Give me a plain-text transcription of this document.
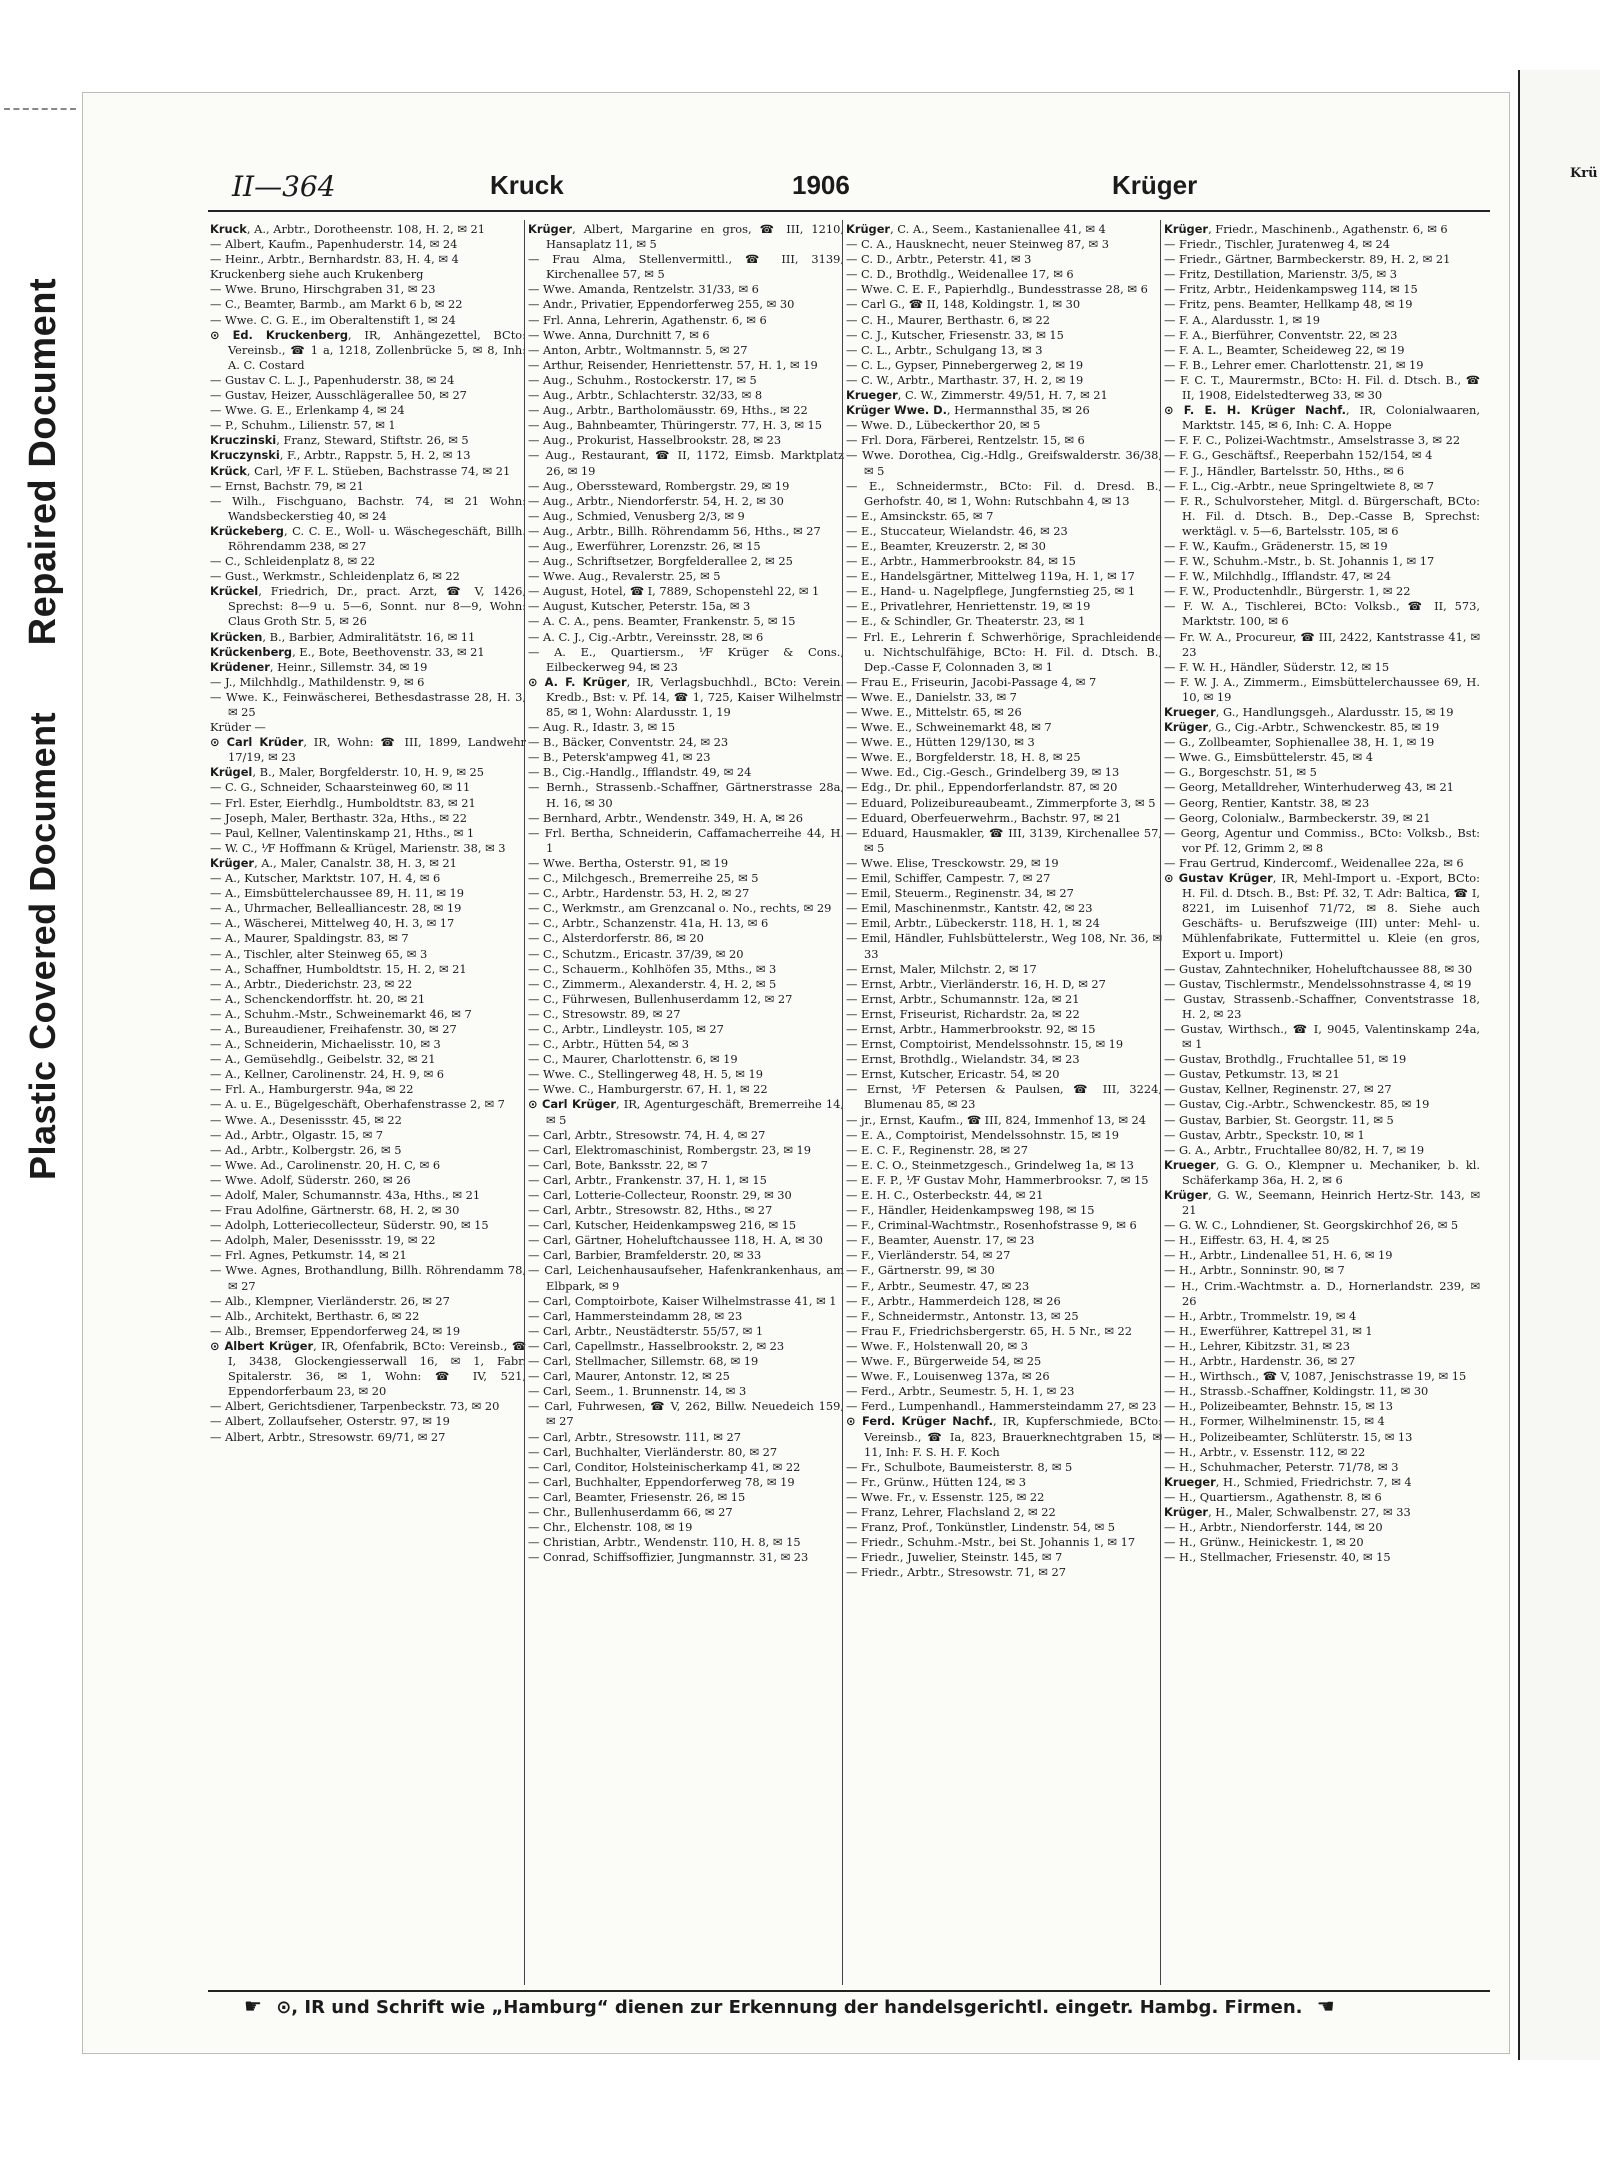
Plastic Covered Document Repaired Document
Krü
II—364	Kruck	1906	Krüger

Kruck, A., Arbtr., Dorotheenstr. 108, H. 2, ✉ 21

— Albert, Kaufm., Papenhuderstr. 14, ✉ 24

— Heinr., Arbtr., Bernhardstr. 83, H. 4, ✉ 4

Kruckenberg siehe auch Krukenberg

— Wwe. Bruno, Hirschgraben 31, ✉ 23

— C., Beamter, Barmb., am Markt 6 b, ✉ 22

— Wwe. C. G. E., im Oberaltenstift 1, ✉ 24

⊙ Ed. Kruckenberg, IR, Anhängezettel, BCto: Vereinsb., ☎ 1 a, 1218, Zollenbrücke 5, ✉ 8, Inh: A. C. Costard

— Gustav C. L. J., Papenhuderstr. 38, ✉ 24

— Gustav, Heizer, Ausschlägerallee 50, ✉ 27

— Wwe. G. E., Erlenkamp 4, ✉ 24

— P., Schuhm., Lilienstr. 57, ✉ 1

Kruczinski, Franz, Steward, Stiftstr. 26, ✉ 5

Kruczynski, F., Arbtr., Rappstr. 5, H. 2, ✉ 13

Krück, Carl, ⅟F F. L. Stüeben, Bachstrasse 74, ✉ 21

— Ernst, Bachstr. 79, ✉ 21

— Wilh., Fischguano, Bachstr. 74, ✉ 21 Wohn: Wandsbeckerstieg 40, ✉ 24

Krückeberg, C. C. E., Woll- u. Wäschegeschäft, Billh. Röhrendamm 238, ✉ 27

— C., Schleidenplatz 8, ✉ 22

— Gust., Werkmstr., Schleidenplatz 6, ✉ 22

Krückel, Friedrich, Dr., pract. Arzt, ☎ V, 1426, Sprechst: 8—9 u. 5—6, Sonnt. nur 8—9, Wohn: Claus Groth Str. 5, ✉ 26

Krücken, B., Barbier, Admiralitätstr. 16, ✉ 11

Krückenberg, E., Bote, Beethovenstr. 33, ✉ 21

Krüdener, Heinr., Sillemstr. 34, ✉ 19

— J., Milchhdlg., Mathildenstr. 9, ✉ 6

— Wwe. K., Feinwäscherei, Bethesdastrasse 28, H. 3, ✉ 25

Krüder —

⊙ Carl Krüder, IR, Wohn: ☎ III, 1899, Landwehr 17/19, ✉ 23

Krügel, B., Maler, Borgfelderstr. 10, H. 9, ✉ 25

— C. G., Schneider, Schaarsteinweg 60, ✉ 11

— Frl. Ester, Eierhdlg., Humboldtstr. 83, ✉ 21

— Joseph, Maler, Berthastr. 32a, Hths., ✉ 22

— Paul, Kellner, Valentinskamp 21, Hths., ✉ 1

— W. C., ⅟F Hoffmann & Krügel, Marienstr. 38, ✉ 3

Krüger, A., Maler, Canalstr. 38, H. 3, ✉ 21

— A., Kutscher, Marktstr. 107, H. 4, ✉ 6

— A., Eimsbüttelerchaussee 89, H. 11, ✉ 19

— A., Uhrmacher, Bellealliancestr. 28, ✉ 19

— A., Wäscherei, Mittelweg 40, H. 3, ✉ 17

— A., Maurer, Spaldingstr. 83, ✉ 7

— A., Tischler, alter Steinweg 65, ✉ 3

— A., Schaffner, Humboldtstr. 15, H. 2, ✉ 21

— A., Arbtr., Diederichstr. 23, ✉ 22

— A., Schenckendorffstr. ht. 20, ✉ 21

— A., Schuhm.-Mstr., Schweinemarkt 46, ✉ 7

— A., Bureaudiener, Freihafenstr. 30, ✉ 27

— A., Schneiderin, Michaelisstr. 10, ✉ 3

— A., Gemüsehdlg., Geibelstr. 32, ✉ 21

— A., Kellner, Carolinenstr. 24, H. 9, ✉ 6

— Frl. A., Hamburgerstr. 94a, ✉ 22

— A. u. E., Bügelgeschäft, Oberhafenstrasse 2, ✉ 7

— Wwe. A., Desenissstr. 45, ✉ 22

— Ad., Arbtr., Olgastr. 15, ✉ 7

— Ad., Arbtr., Kolbergstr. 26, ✉ 5

— Wwe. Ad., Carolinenstr. 20, H. C, ✉ 6

— Wwe. Adolf, Süderstr. 260, ✉ 26

— Adolf, Maler, Schumannstr. 43a, Hths., ✉ 21

— Frau Adolfine, Gärtnerstr. 68, H. 2, ✉ 30

— Adolph, Lotteriecollecteur, Süderstr. 90, ✉ 15

— Adolph, Maler, Desenissstr. 19, ✉ 22

— Frl. Agnes, Petkumstr. 14, ✉ 21

— Wwe. Agnes, Brothandlung, Billh. Röhrendamm 78, ✉ 27

— Alb., Klempner, Vierländerstr. 26, ✉ 27

— Alb., Architekt, Berthastr. 6, ✉ 22

— Alb., Bremser, Eppendorferweg 24, ✉ 19

⊙ Albert Krüger, IR, Ofenfabrik, BCto: Vereinsb., ☎ I, 3438, Glockengiesserwall 16, ✉ 1, Fabr. Spitalerstr. 36, ✉ 1, Wohn: ☎ IV, 521, Eppendorferbaum 23, ✉ 20

— Albert, Gerichtsdiener, Tarpenbeckstr. 73, ✉ 20

— Albert, Zollaufseher, Osterstr. 97, ✉ 19

— Albert, Arbtr., Stresowstr. 69/71, ✉ 27

Krüger, Albert, Margarine en gros, ☎ III, 1210, Hansaplatz 11, ✉ 5

— Frau Alma, Stellenvermittl., ☎ III, 3139, Kirchenallee 57, ✉ 5

— Wwe. Amanda, Rentzelstr. 31/33, ✉ 6

— Andr., Privatier, Eppendorferweg 255, ✉ 30

— Frl. Anna, Lehrerin, Agathenstr. 6, ✉ 6

— Wwe. Anna, Durchnitt 7, ✉ 6

— Anton, Arbtr., Woltmannstr. 5, ✉ 27

— Arthur, Reisender, Henriettenstr. 57, H. 1, ✉ 19

— Aug., Schuhm., Rostockerstr. 17, ✉ 5

— Aug., Arbtr., Schlachterstr. 32/33, ✉ 8

— Aug., Arbtr., Bartholomäusstr. 69, Hths., ✉ 22

— Aug., Bahnbeamter, Thüringerstr. 77, H. 3, ✉ 15

— Aug., Prokurist, Hasselbrookstr. 28, ✉ 23

— Aug., Restaurant, ☎ II, 1172, Eimsb. Marktplatz 26, ✉ 19

— Aug., Oberssteward, Rombergstr. 29, ✉ 19

— Aug., Arbtr., Niendorferstr. 54, H. 2, ✉ 30

— Aug., Schmied, Venusberg 2/3, ✉ 9

— Aug., Arbtr., Billh. Röhrendamm 56, Hths., ✉ 27

— Aug., Ewerführer, Lorenzstr. 26, ✉ 15

— Aug., Schriftsetzer, Borgfelderallee 2, ✉ 25

— Wwe. Aug., Revalerstr. 25, ✉ 5

— August, Hotel, ☎ I, 7889, Schopenstehl 22, ✉ 1

— August, Kutscher, Peterstr. 15a, ✉ 3

— A. C. A., pens. Beamter, Frankenstr. 5, ✉ 15

— A. C. J., Cig.-Arbtr., Vereinsstr. 28, ✉ 6

— A. E., Quartiersm., ⅟F Krüger & Cons., Eilbeckerweg 94, ✉ 23

⊙ A. F. Krüger, IR, Verlagsbuchhdl., BCto: Verein. Kredb., Bst: v. Pf. 14, ☎ 1, 725, Kaiser Wilhelmstr. 85, ✉ 1, Wohn: Alardusstr. 1, 19

— Aug. R., Idastr. 3, ✉ 15

— B., Bäcker, Conventstr. 24, ✉ 23

— B., Petersk'ampweg 41, ✉ 23

— B., Cig.-Handlg., Ifflandstr. 49, ✉ 24

— Bernh., Strassenb.-Schaffner, Gärtnerstrasse 28a, H. 16, ✉ 30

— Bernhard, Arbtr., Wendenstr. 349, H. A, ✉ 26

— Frl. Bertha, Schneiderin, Caffamacherreihe 44, H. 1

— Wwe. Bertha, Osterstr. 91, ✉ 19

— C., Milchgesch., Bremerreihe 25, ✉ 5

— C., Arbtr., Hardenstr. 53, H. 2, ✉ 27

— C., Werkmstr., am Grenzcanal o. No., rechts, ✉ 29

— C., Arbtr., Schanzenstr. 41a, H. 13, ✉ 6

— C., Alsterdorferstr. 86, ✉ 20

— C., Schutzm., Ericastr. 37/39, ✉ 20

— C., Schauerm., Kohlhöfen 35, Mths., ✉ 3

— C., Zimmerm., Alexanderstr. 4, H. 2, ✉ 5

— C., Führwesen, Bullenhuserdamm 12, ✉ 27

— C., Stresowstr. 89, ✉ 27

— C., Arbtr., Lindleystr. 105, ✉ 27

— C., Arbtr., Hütten 54, ✉ 3

— C., Maurer, Charlottenstr. 6, ✉ 19

— Wwe. C., Stellingerweg 48, H. 5, ✉ 19

— Wwe. C., Hamburgerstr. 67, H. 1, ✉ 22

⊙ Carl Krüger, IR, Agenturgeschäft, Bremerreihe 14, ✉ 5

— Carl, Arbtr., Stresowstr. 74, H. 4, ✉ 27

— Carl, Elektromaschinist, Rombergstr. 23, ✉ 19

— Carl, Bote, Banksstr. 22, ✉ 7

— Carl, Arbtr., Frankenstr. 37, H. 1, ✉ 15

— Carl, Lotterie-Collecteur, Roonstr. 29, ✉ 30

— Carl, Arbtr., Stresowstr. 82, Hths., ✉ 27

— Carl, Kutscher, Heidenkampsweg 216, ✉ 15

— Carl, Gärtner, Hoheluftchaussee 118, H. A, ✉ 30

— Carl, Barbier, Bramfelderstr. 20, ✉ 33

— Carl, Leichenhausaufseher, Hafenkrankenhaus, am Elbpark, ✉ 9

— Carl, Comptoirbote, Kaiser Wilhelmstrasse 41, ✉ 1

— Carl, Hammersteindamm 28, ✉ 23

— Carl, Arbtr., Neustädterstr. 55/57, ✉ 1

— Carl, Capellmstr., Hasselbrookstr. 2, ✉ 23

— Carl, Stellmacher, Sillemstr. 68, ✉ 19

— Carl, Maurer, Antonstr. 12, ✉ 25

— Carl, Seem., 1. Brunnenstr. 14, ✉ 3

— Carl, Fuhrwesen, ☎ V, 262, Billw. Neuedeich 159, ✉ 27

— Carl, Arbtr., Stresowstr. 111, ✉ 27

— Carl, Buchhalter, Vierländerstr. 80, ✉ 27

— Carl, Conditor, Holsteinischerkamp 41, ✉ 22

— Carl, Buchhalter, Eppendorferweg 78, ✉ 19

— Carl, Beamter, Friesenstr. 26, ✉ 15

— Chr., Bullenhuserdamm 66, ✉ 27

— Chr., Elchenstr. 108, ✉ 19

— Christian, Arbtr., Wendenstr. 110, H. 8, ✉ 15

— Conrad, Schiffsoffizier, Jungmannstr. 31, ✉ 23

Krüger, C. A., Seem., Kastanienallee 41, ✉ 4

— C. A., Hausknecht, neuer Steinweg 87, ✉ 3

— C. D., Arbtr., Peterstr. 41, ✉ 3

— C. D., Brothdlg., Weidenallee 17, ✉ 6

— Wwe. C. E. F., Papierhdlg., Bundesstrasse 28, ✉ 6

— Carl G., ☎ II, 148, Koldingstr. 1, ✉ 30

— C. H., Maurer, Berthastr. 6, ✉ 22

— C. J., Kutscher, Friesenstr. 33, ✉ 15

— C. L., Arbtr., Schulgang 13, ✉ 3

— C. L., Gypser, Pinnebergerweg 2, ✉ 19

— C. W., Arbtr., Marthastr. 37, H. 2, ✉ 19

Krueger, C. W., Zimmerstr. 49/51, H. 7, ✉ 21

Krüger Wwe. D., Hermannsthal 35, ✉ 26

— Wwe. D., Lübeckerthor 20, ✉ 5

— Frl. Dora, Färberei, Rentzelstr. 15, ✉ 6

— Wwe. Dorothea, Cig.-Hdlg., Greifswalderstr. 36/38, ✉ 5

— E., Schneidermstr., BCto: Fil. d. Dresd. B., Gerhofstr. 40, ✉ 1, Wohn: Rutschbahn 4, ✉ 13

— E., Amsinckstr. 65, ✉ 7

— E., Stuccateur, Wielandstr. 46, ✉ 23

— E., Beamter, Kreuzerstr. 2, ✉ 30

— E., Arbtr., Hammerbrookstr. 84, ✉ 15

— E., Handelsgärtner, Mittelweg 119a, H. 1, ✉ 17

— E., Hand- u. Nagelpflege, Jungfernstieg 25, ✉ 1

— E., Privatlehrer, Henriettenstr. 19, ✉ 19

— E., & Schindler, Gr. Theaterstr. 23, ✉ 1

— Frl. E., Lehrerin f. Schwerhörige, Sprachleidende u. Nichtschulfähige, BCto: H. Fil. d. Dtsch. B., Dep.-Casse F, Colonnaden 3, ✉ 1

— Frau E., Friseurin, Jacobi-Passage 4, ✉ 7

— Wwe. E., Danielstr. 33, ✉ 7

— Wwe. E., Mittelstr. 65, ✉ 26

— Wwe. E., Schweinemarkt 48, ✉ 7

— Wwe. E., Hütten 129/130, ✉ 3

— Wwe. E., Borgfelderstr. 18, H. 8, ✉ 25

— Wwe. Ed., Cig.-Gesch., Grindelberg 39, ✉ 13

— Edg., Dr. phil., Eppendorferlandstr. 87, ✉ 20

— Eduard, Polizeibureaubeamt., Zimmerpforte 3, ✉ 5

— Eduard, Oberfeuerwehrm., Bachstr. 97, ✉ 21

— Eduard, Hausmakler, ☎ III, 3139, Kirchenallee 57, ✉ 5

— Wwe. Elise, Tresckowstr. 29, ✉ 19

— Emil, Schiffer, Campestr. 7, ✉ 27

— Emil, Steuerm., Reginenstr. 34, ✉ 27

— Emil, Maschinenmstr., Kantstr. 42, ✉ 23

— Emil, Arbtr., Lübeckerstr. 118, H. 1, ✉ 24

— Emil, Händler, Fuhlsbüttelerstr., Weg 108, Nr. 36, ✉ 33

— Ernst, Maler, Milchstr. 2, ✉ 17

— Ernst, Arbtr., Vierländerstr. 16, H. D, ✉ 27

— Ernst, Arbtr., Schumannstr. 12a, ✉ 21

— Ernst, Friseurist, Richardstr. 2a, ✉ 22

— Ernst, Arbtr., Hammerbrookstr. 92, ✉ 15

— Ernst, Comptoirist, Mendelssohnstr. 15, ✉ 19

— Ernst, Brothdlg., Wielandstr. 34, ✉ 23

— Ernst, Kutscher, Ericastr. 54, ✉ 20

— Ernst, ⅟F Petersen & Paulsen, ☎ III, 3224, Blumenau 85, ✉ 23

— jr., Ernst, Kaufm., ☎ III, 824, Immenhof 13, ✉ 24

— E. A., Comptoirist, Mendelssohnstr. 15, ✉ 19

— E. C. F., Reginenstr. 28, ✉ 27

— E. C. O., Steinmetzgesch., Grindelweg 1a, ✉ 13

— E. F. P., ⅟F Gustav Mohr, Hammerbrooksr. 7, ✉ 15

— E. H. C., Osterbeckstr. 44, ✉ 21

— F., Händler, Heidenkampsweg 198, ✉ 15

— F., Criminal-Wachtmstr., Rosenhofstrasse 9, ✉ 6

— F., Beamter, Auenstr. 17, ✉ 23

— F., Vierländerstr. 54, ✉ 27

— F., Gärtnerstr. 99, ✉ 30

— F., Arbtr., Seumestr. 47, ✉ 23

— F., Arbtr., Hammerdeich 128, ✉ 26

— F., Schneidermstr., Antonstr. 13, ✉ 25

— Frau F., Friedrichsbergerstr. 65, H. 5 Nr., ✉ 22

— Wwe. F., Holstenwall 20, ✉ 3

— Wwe. F., Bürgerweide 54, ✉ 25

— Wwe. F., Louisenweg 137a, ✉ 26

— Ferd., Arbtr., Seumestr. 5, H. 1, ✉ 23

— Ferd., Lumpenhandl., Hammersteindamm 27, ✉ 23

⊙ Ferd. Krüger Nachf., IR, Kupferschmiede, BCto: Vereinsb., ☎ Ia, 823, Brauerknechtgraben 15, ✉ 11, Inh: F. S. H. F. Koch

— Fr., Schulbote, Baumeisterstr. 8, ✉ 5

— Fr., Grünw., Hütten 124, ✉ 3

— Wwe. Fr., v. Essenstr. 125, ✉ 22

— Franz, Lehrer, Flachsland 2, ✉ 22

— Franz, Prof., Tonkünstler, Lindenstr. 54, ✉ 5

— Friedr., Schuhm.-Mstr., bei St. Johannis 1, ✉ 17

— Friedr., Juwelier, Steinstr. 145, ✉ 7

— Friedr., Arbtr., Stresowstr. 71, ✉ 27

Krüger, Friedr., Maschinenb., Agathenstr. 6, ✉ 6

— Friedr., Tischler, Juratenweg 4, ✉ 24

— Friedr., Gärtner, Barmbeckerstr. 89, H. 2, ✉ 21

— Fritz, Destillation, Marienstr. 3/5, ✉ 3

— Fritz, Arbtr., Heidenkampsweg 114, ✉ 15

— Fritz, pens. Beamter, Hellkamp 48, ✉ 19

— F. A., Alardusstr. 1, ✉ 19

— F. A., Bierführer, Conventstr. 22, ✉ 23

— F. A. L., Beamter, Scheideweg 22, ✉ 19

— F. B., Lehrer emer. Charlottenstr. 21, ✉ 19

— F. C. T., Maurermstr., BCto: H. Fil. d. Dtsch. B., ☎ II, 1908, Eidelstedterweg 33, ✉ 30

⊙ F. E. H. Krüger Nachf., IR, Colonialwaaren, Marktstr. 145, ✉ 6, Inh: C. A. Hoppe

— F. F. C., Polizei-Wachtmstr., Amselstrasse 3, ✉ 22

— F. G., Geschäftsf., Reeperbahn 152/154, ✉ 4

— F. J., Händler, Bartelsstr. 50, Hths., ✉ 6

— F. L., Cig.-Arbtr., neue Springeltwiete 8, ✉ 7

— F. R., Schulvorsteher, Mitgl. d. Bürgerschaft, BCto: H. Fil. d. Dtsch. B., Dep.-Casse B, Sprechst: werktägl. v. 5—6, Bartelsstr. 105, ✉ 6

— F. W., Kaufm., Grädenerstr. 15, ✉ 19

— F. W., Schuhm.-Mstr., b. St. Johannis 1, ✉ 17

— F. W., Milchhdlg., Ifflandstr. 47, ✉ 24

— F. W., Productenhdlr., Bürgerstr. 1, ✉ 22

— F. W. A., Tischlerei, BCto: Volksb., ☎ II, 573, Marktstr. 100, ✉ 6

— Fr. W. A., Procureur, ☎ III, 2422, Kantstrasse 41, ✉ 23

— F. W. H., Händler, Süderstr. 12, ✉ 15

— F. W. J. A., Zimmerm., Eimsbüttelerchaussee 69, H. 10, ✉ 19

Krueger, G., Handlungsgeh., Alardusstr. 15, ✉ 19

Krüger, G., Cig.-Arbtr., Schwenckestr. 85, ✉ 19

— G., Zollbeamter, Sophienallee 38, H. 1, ✉ 19

— Wwe. G., Eimsbüttelerstr. 45, ✉ 4

— G., Borgeschstr. 51, ✉ 5

— Georg, Metalldreher, Winterhuderweg 43, ✉ 21

— Georg, Rentier, Kantstr. 38, ✉ 23

— Georg, Colonialw., Barmbeckerstr. 39, ✉ 21

— Georg, Agentur und Commiss., BCto: Volksb., Bst: vor Pf. 12, Grimm 2, ✉ 8

— Frau Gertrud, Kindercomf., Weidenallee 22a, ✉ 6

⊙ Gustav Krüger, IR, Mehl-Import u. -Export, BCto: H. Fil. d. Dtsch. B., Bst: Pf. 32, T. Adr: Baltica, ☎ I, 8221, im Luisenhof 71/72, ✉ 8. Siehe auch Geschäfts- u. Berufszweige (III) unter: Mehl- u. Mühlenfabrikate, Futtermittel u. Kleie (en gros, Export u. Import)

— Gustav, Zahntechniker, Hoheluftchaussee 88, ✉ 30

— Gustav, Tischlermstr., Mendelssohnstrasse 4, ✉ 19

— Gustav, Strassenb.-Schaffner, Conventstrasse 18, H. 2, ✉ 23

— Gustav, Wirthsch., ☎ I, 9045, Valentinskamp 24a, ✉ 1

— Gustav, Brothdlg., Fruchtallee 51, ✉ 19

— Gustav, Petkumstr. 13, ✉ 21

— Gustav, Kellner, Reginenstr. 27, ✉ 27

— Gustav, Cig.-Arbtr., Schwenckestr. 85, ✉ 19

— Gustav, Barbier, St. Georgstr. 11, ✉ 5

— Gustav, Arbtr., Speckstr. 10, ✉ 1

— G. A., Arbtr., Fruchtallee 80/82, H. 7, ✉ 19

Krueger, G. G. O., Klempner u. Mechaniker, b. kl. Schäferkamp 36a, H. 2, ✉ 6

Krüger, G. W., Seemann, Heinrich Hertz-Str. 143, ✉ 21

— G. W. C., Lohndiener, St. Georgskirchhof 26, ✉ 5

— H., Eiffestr. 63, H. 4, ✉ 25

— H., Arbtr., Lindenallee 51, H. 6, ✉ 19

— H., Arbtr., Sonninstr. 90, ✉ 7

— H., Crim.-Wachtmstr. a. D., Hornerlandstr. 239, ✉ 26

— H., Arbtr., Trommelstr. 19, ✉ 4

— H., Ewerführer, Kattrepel 31, ✉ 1

— H., Lehrer, Kibitzstr. 31, ✉ 23

— H., Arbtr., Hardenstr. 36, ✉ 27

— H., Wirthsch., ☎ V, 1087, Jenischstrasse 19, ✉ 15

— H., Strassb.-Schaffner, Koldingstr. 11, ✉ 30

— H., Polizeibeamter, Behnstr. 15, ✉ 13

— H., Former, Wilhelminenstr. 15, ✉ 4

— H., Polizeibeamter, Schlüterstr. 15, ✉ 13

— H., Arbtr., v. Essenstr. 112, ✉ 22

— H., Schuhmacher, Peterstr. 71/78, ✉ 3

Krueger, H., Schmied, Friedrichstr. 7, ✉ 4

— H., Quartiersm., Agathenstr. 8, ✉ 6

Krüger, H., Maler, Schwalbenstr. 27, ✉ 33

— H., Arbtr., Niendorferstr. 144, ✉ 20

— H., Grünw., Heinickestr. 1, ✉ 20

— H., Stellmacher, Friesenstr. 40, ✉ 15

☛ ⊙, IR und Schrift wie „Hamburg“ dienen zur Erkennung der handelsgerichtl. eingetr. Hambg. Firmen. ☚
